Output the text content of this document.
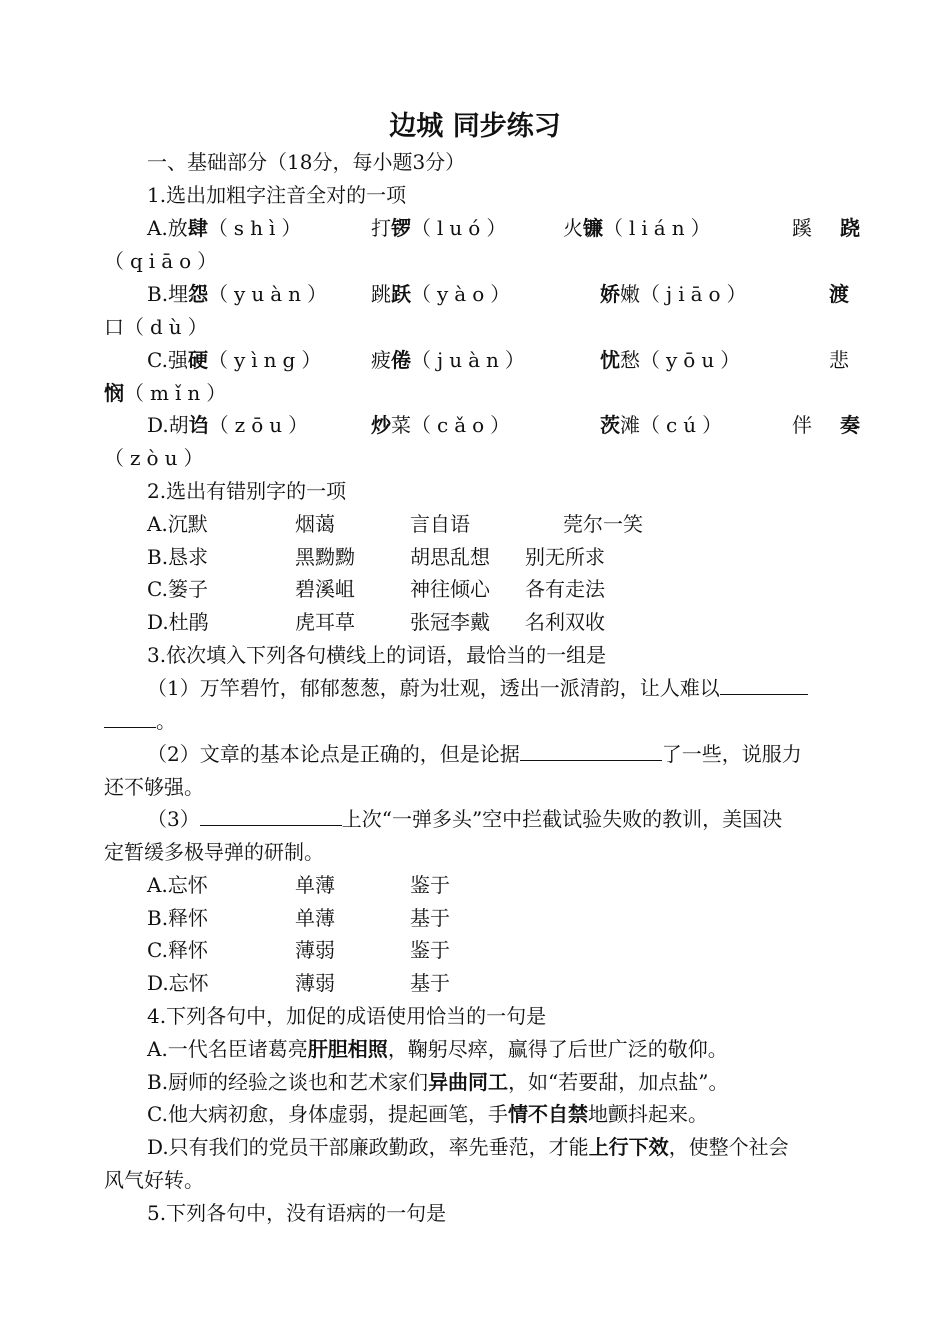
边城 同步练习
一、基础部分（18分，每小题3分）
1.选出加粗字注音全对的一项
A.放肆（shì）	打锣（luó）	火镰（lián）	蹊 跷
（qiāo）
B.埋怨（yuàn） 跳跃（yào）	娇嫩（jiāo）	渡
口（dù）
C.强硬（yìng） 疲倦（juàn）	忧愁（yōu）	悲
悯（mǐn）
D.胡诌（zōu）	炒菜（cǎo）	茨滩（cú）	伴 奏
（zòu）
2.选出有错别字的一项
A.沉默	烟蔼	言自语	莞尔一笑
B.恳求	黑黝黝	胡思乱想 别无所求
C.篓子	碧溪岨	神往倾心 各有走法
D.杜鹃	虎耳草	张冠李戴 名利双收
3.依次填入下列各句横线上的词语，最恰当的一组是
（1）万竿碧竹，郁郁葱葱，蔚为壮观，透出一派清韵，让人难以
。
（2）文章的基本论点是正确的，但是论据	了一些，说服力
还不够强。
（3）	上次“一弹多头”空中拦截试验失败的教训，美国决
定暂缓多极导弹的研制。
A.忘怀	单薄	鉴于
B.释怀	单薄	基于
C.释怀	薄弱	鉴于
D.忘怀	薄弱	基于
4.下列各句中，加促的成语使用恰当的一句是
A.一代名臣诸葛亮肝胆相照，鞠躬尽瘁，赢得了后世广泛的敬仰。
B.厨师的经验之谈也和艺术家们异曲同工，如“若要甜，加点盐”。
C.他大病初愈，身体虚弱，提起画笔，手情不自禁地颤抖起来。
D.只有我们的党员干部廉政勤政，率先垂范，才能上行下效，使整个社会
风气好转。
5.下列各句中，没有语病的一句是
